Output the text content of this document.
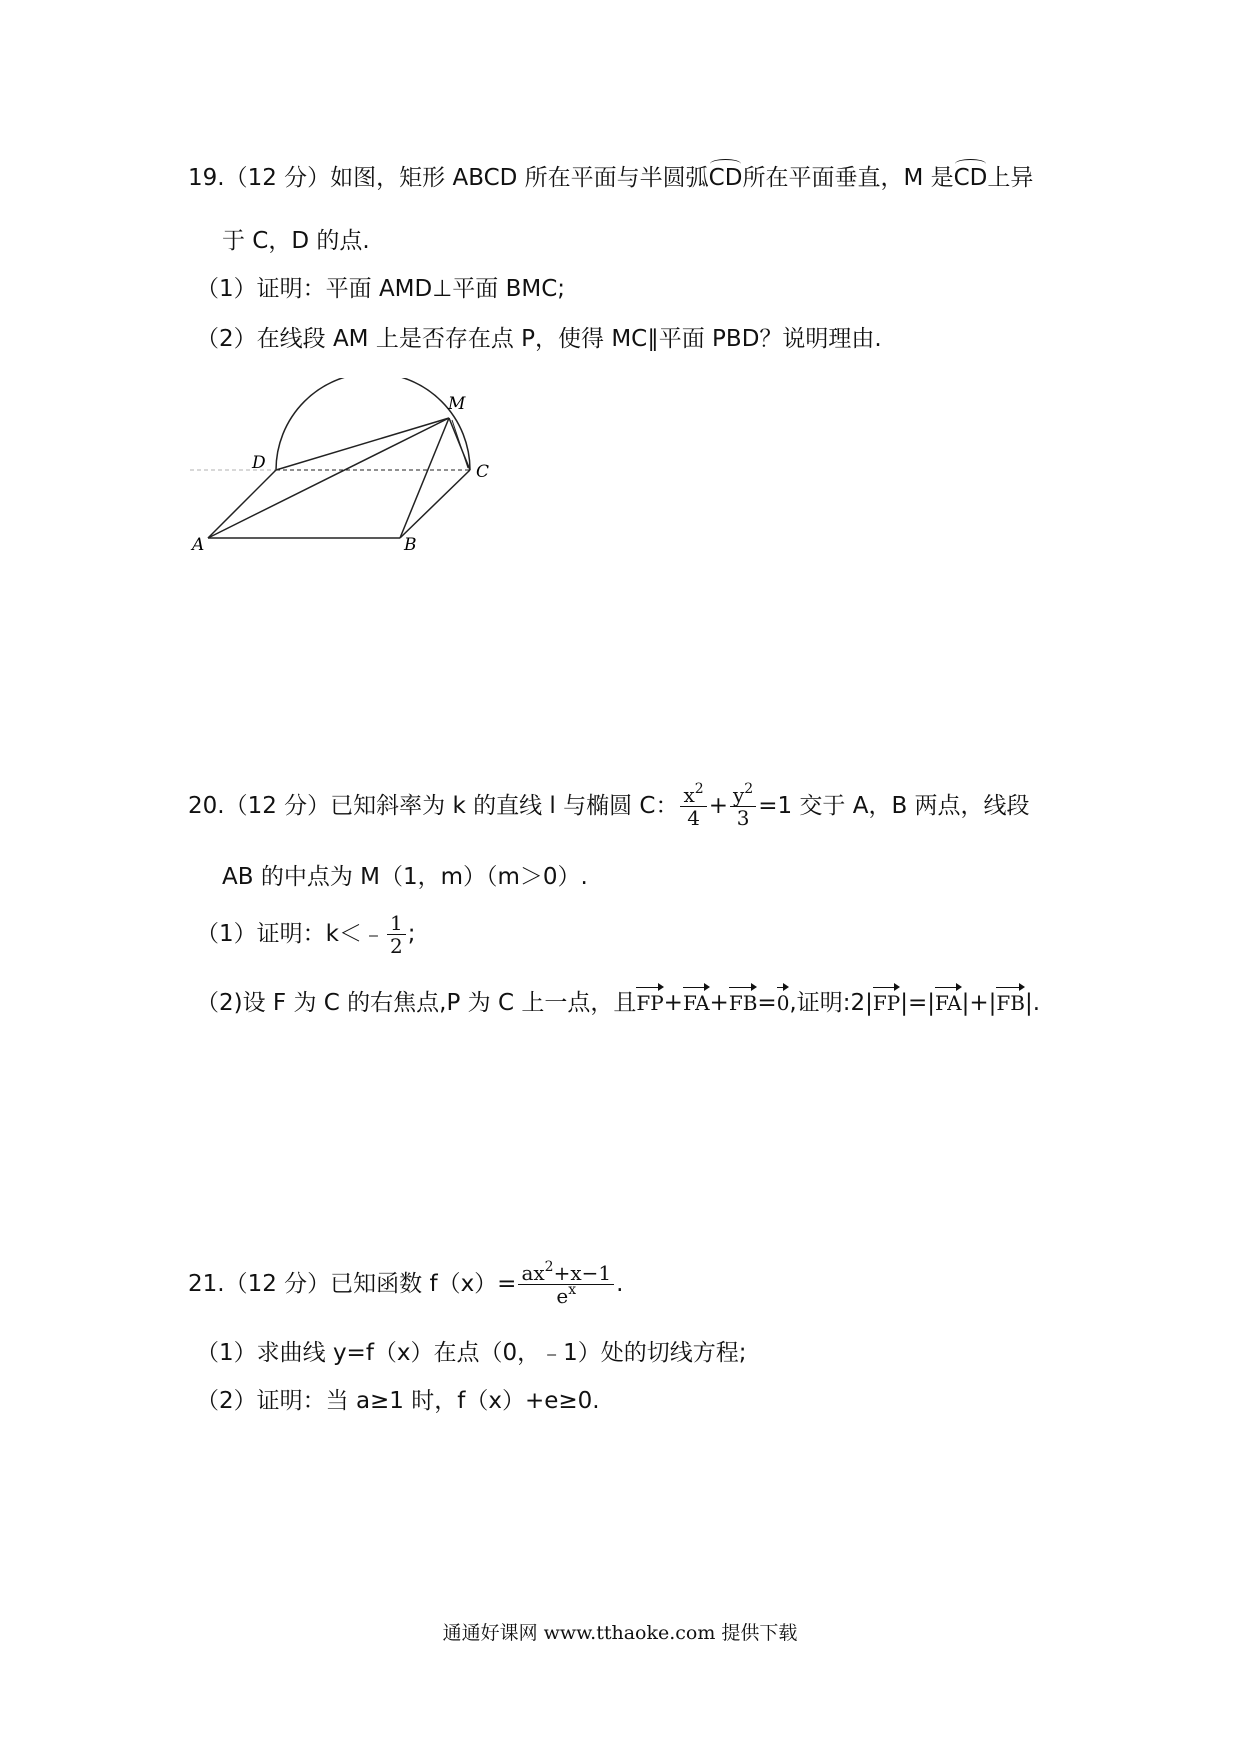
19.（12 分）如图，矩形 ABCD 所在平面与半圆弧CD所在平面垂直，M 是CD上异
于 C，D 的点.
（1）证明：平面 AMD⊥平面 BMC;
（2）在线段 AM 上是否存在点 P，使得 MC∥平面 PBD？说明理由.
M
D	C
A	B
20.（12 分）已知斜率为 k 的直线 l 与椭圆 C： $\frac{x^2}{4} + \frac{y^2}{3} =1$ 交于 A，B 两点，线段
AB 的中点为 M（1，m）（m＞0）.
（1）证明：k＜﹣ $\frac{1}{2}$ ;
（2)设 F 为 C 的右焦点,P 为 C 上一点，且FP+FA+FB=0,证明:2|FP|=|FA|+|FB|.
21.（12 分）已知函数 $f(x)= \frac{ax^2+x-1}{e^x}$ .
（1）求曲线 y=f（x）在点（0，﹣1）处的切线方程;
（2）证明：当 a≥1 时，f（x）+e≥0.
通通好课网 www.tthaoke.com 提供下载
